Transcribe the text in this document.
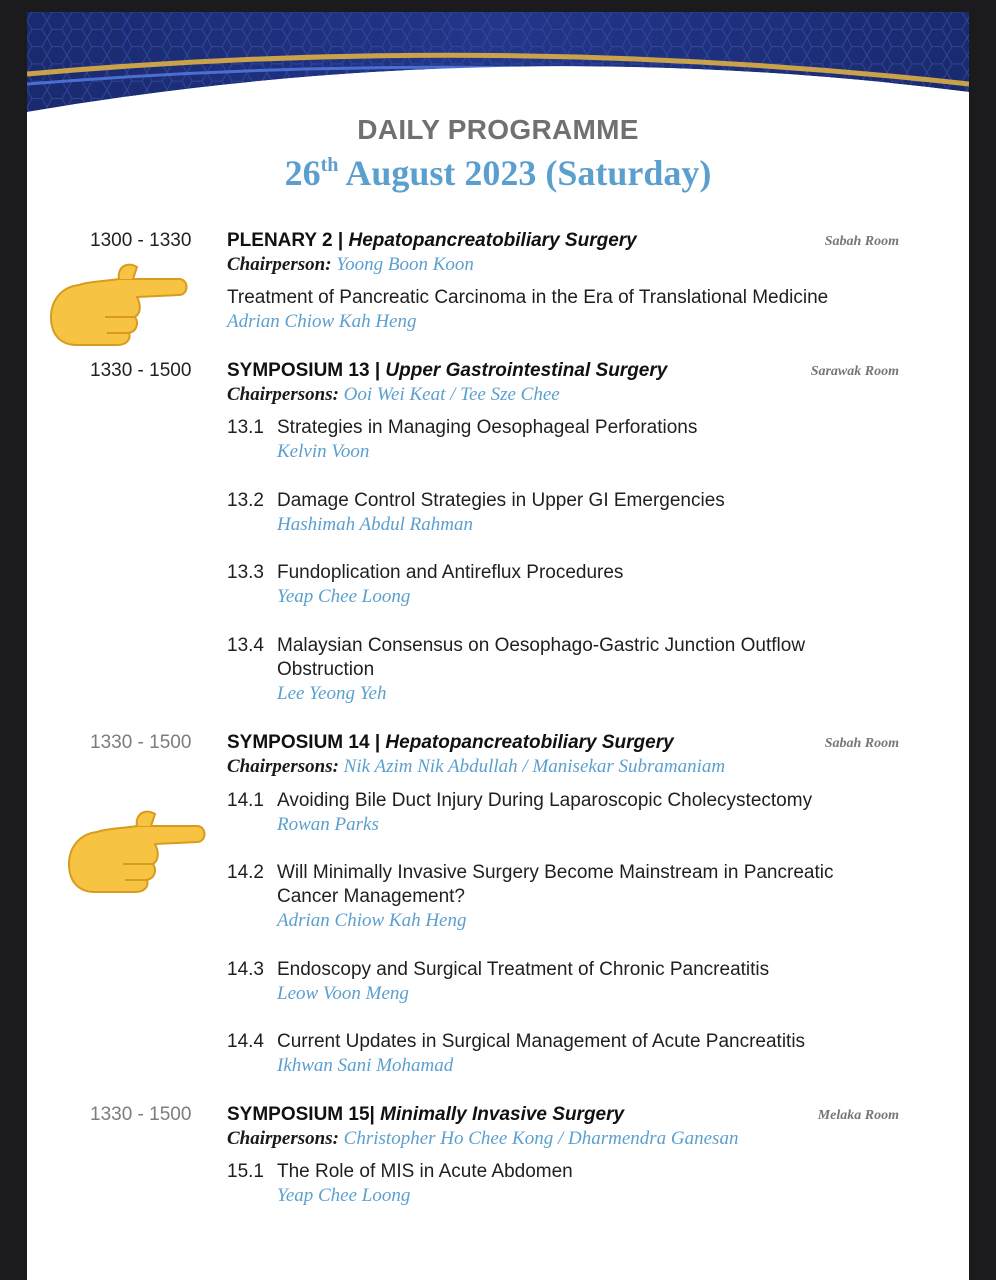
DAILY PROGRAMME
26th August 2023 (Saturday)
1300 - 1330 PLENARY 2 | Hepatopancreatobiliary Surgery	Sabah Room
Chairperson: Yoong Boon Koon
Treatment of Pancreatic Carcinoma in the Era of Translational Medicine
Adrian Chiow Kah Heng
1330 - 1500 SYMPOSIUM 13 | Upper Gastrointestinal Surgery	Sarawak Room
Chairpersons: Ooi Wei Keat / Tee Sze Chee
13.1 Strategies in Managing Oesophageal Perforations
Kelvin Voon
13.2 Damage Control Strategies in Upper GI Emergencies
Hashimah Abdul Rahman
13.3 Fundoplication and Antireflux Procedures
Yeap Chee Loong
13.4 Malaysian Consensus on Oesophago-Gastric Junction Outflow
Obstruction
Lee Yeong Yeh
1330 - 1500 SYMPOSIUM 14 | Hepatopancreatobiliary Surgery	Sabah Room
Chairpersons: Nik Azim Nik Abdullah / Manisekar Subramaniam
14.1 Avoiding Bile Duct Injury During Laparoscopic Cholecystectomy
Rowan Parks
14.2 Will Minimally Invasive Surgery Become Mainstream in Pancreatic
Cancer Management?
Adrian Chiow Kah Heng
14.3 Endoscopy and Surgical Treatment of Chronic Pancreatitis
Leow Voon Meng
14.4 Current Updates in Surgical Management of Acute Pancreatitis
Ikhwan Sani Mohamad
1330 - 1500 SYMPOSIUM 15| Minimally Invasive Surgery	Melaka Room
Chairpersons: Christopher Ho Chee Kong / Dharmendra Ganesan
15.1 The Role of MIS in Acute Abdomen
Yeap Chee Loong
